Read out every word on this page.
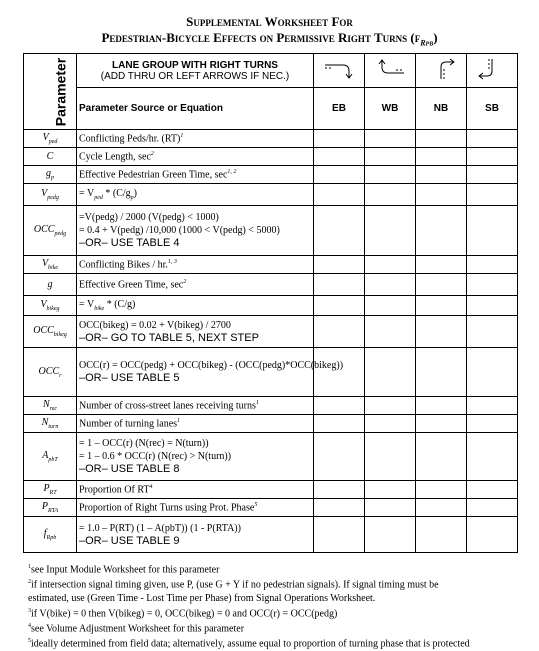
Supplemental Worksheet For
Pedestrian-Bicycle Effects on Permissive Right Turns $(f_{Rpb})$
Parameter	LANE GROUP WITH RIGHT TURNS
(ADD THRU OR LEFT ARROWS IF NEC.)

	Parameter Source or Equation	EB	WB	NB	SB
$V_{ped}$	Conflicting Peds/hr. (RT)$^1$				
C	Cycle Length, $\sec^2$				
$g_p$	Effective Pedestrian Green Time, $\sec^{1, 2}$				
$V_{pedg}$	= $V_{ped} * (C/g_p)$				
$OCC_{pedg}$	=V(pedg) / 2000 (V(pedg) < 1000)
= 0.4 + V(pedg) /10,000 (1000 < V(pedg) < 5000)
–OR– USE TABLE 4				

$V_{bike}$	Conflicting Bikes / hr.$^{1, 3}$				
g	Effective Green Time, $\sec^2$				
$V_{bikeg}$	= $V_{bike} * (C/g)$				
$OCC_{bikeg}$	OCC(bikeg) = 0.02 + V(bikeg) / 2700
–OR– GO TO TABLE 5, NEXT STEP				

$OCC_r$	OCC(r) = OCC(pedg) + OCC(bikeg) - (OCC(pedg)*OCC(bikeg))
–OR– USE TABLE 5				

$N_{rec}$	Number of cross-street lanes receiving turns$^1$				
$N_{turn}$	Number of turning lanes$^1$				
$A_{pbT}$	= 1 – OCC(r) (N(rec) = N(turn))
= 1 – 0.6 * OCC(r) (N(rec) > N(turn))
–OR– USE TABLE 8				

$P_{RT}$	Proportion Of $RT^4$				
$P_{RTA}$	Proportion of Right Turns using Prot. Phase$^5$				
$f_{Rpb}$	= 1.0 – P(RT) (1 – A(pbT)) (1 - P(RTA))
–OR– USE TABLE 9				

$^1$see Input Module Worksheet for this parameter
$^2$if intersection signal timing given, use P, (use G + Y if no pedestrian signals). If signal timing must be
estimated, use (Green Time - Lost Time per Phase) from Signal Operations Worksheet.
$^3$if V(bike) = 0 then V(bikeg) = 0, OCC(bikeg) = 0 and OCC(r) = OCC(pedg)
$^4$see Volume Adjustment Worksheet for this parameter
$^5$ideally determined from field data; alternatively, assume equal to proportion of turning phase that is protected
